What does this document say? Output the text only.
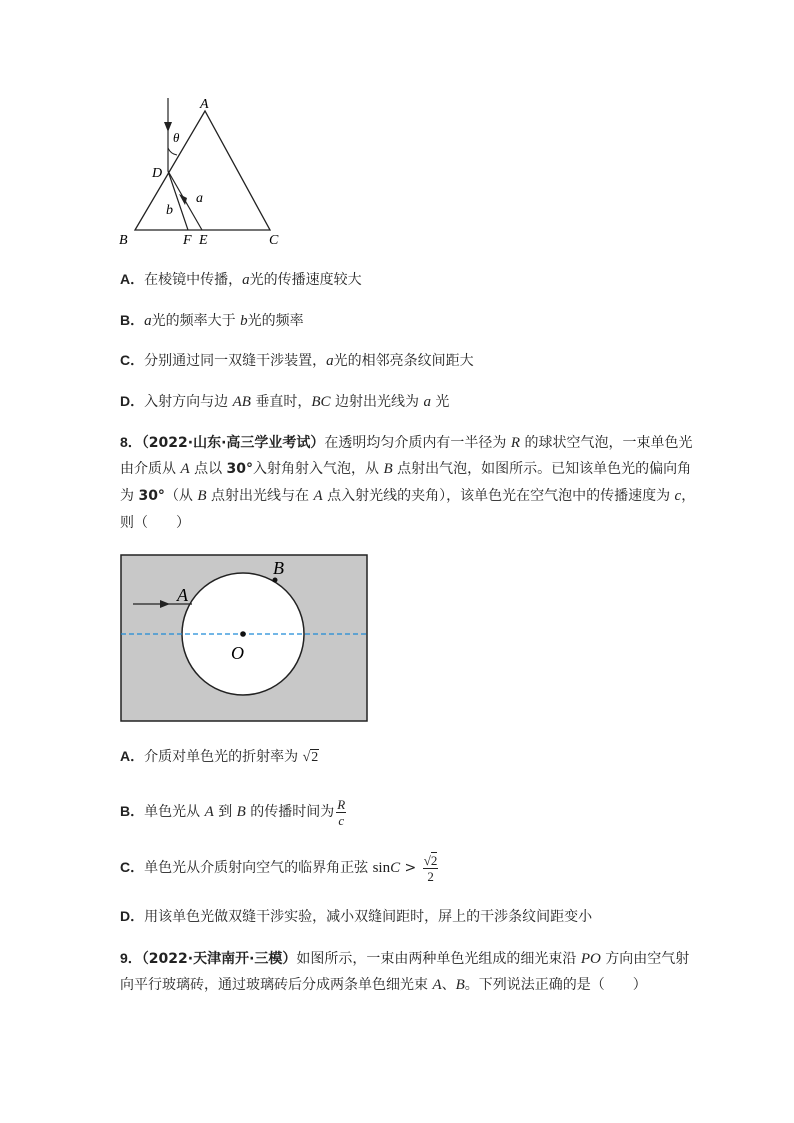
A
θ
D
a
b
B	F E	C
A．在棱镜中传播，a光的传播速度较大
B．a光的频率大于 b光的频率
C．分别通过同一双缝干涉装置，a光的相邻亮条纹间距大
D．入射方向与边 AB 垂直时，BC 边射出光线为 a 光
8．（2022·山东·高三学业考试）在透明均匀介质内有一半径为 R 的球状空气泡，一束单色光
由介质从 A 点以 30°入射角射入气泡，从 B 点射出气泡，如图所示。已知该单色光的偏向角
为 30°（从 B 点射出光线与在 A 点入射光线的夹角），该单色光在空气泡中的传播速度为 c，
则（　　）
A
B
O
A．介质对单色光的折射率为 √2
B．单色光从 A 到 B 的传播时间为 $\frac{R}{c}$
C．单色光从介质射向空气的临界角正弦 $\sin C > \frac{√2}{2}$
D．用该单色光做双缝干涉实验，减小双缝间距时，屏上的干涉条纹间距变小
9．（2022·天津南开·三模）如图所示，一束由两种单色光组成的细光束沿 PO 方向由空气射
向平行玻璃砖，通过玻璃砖后分成两条单色细光束 A、B。下列说法正确的是（　　）
